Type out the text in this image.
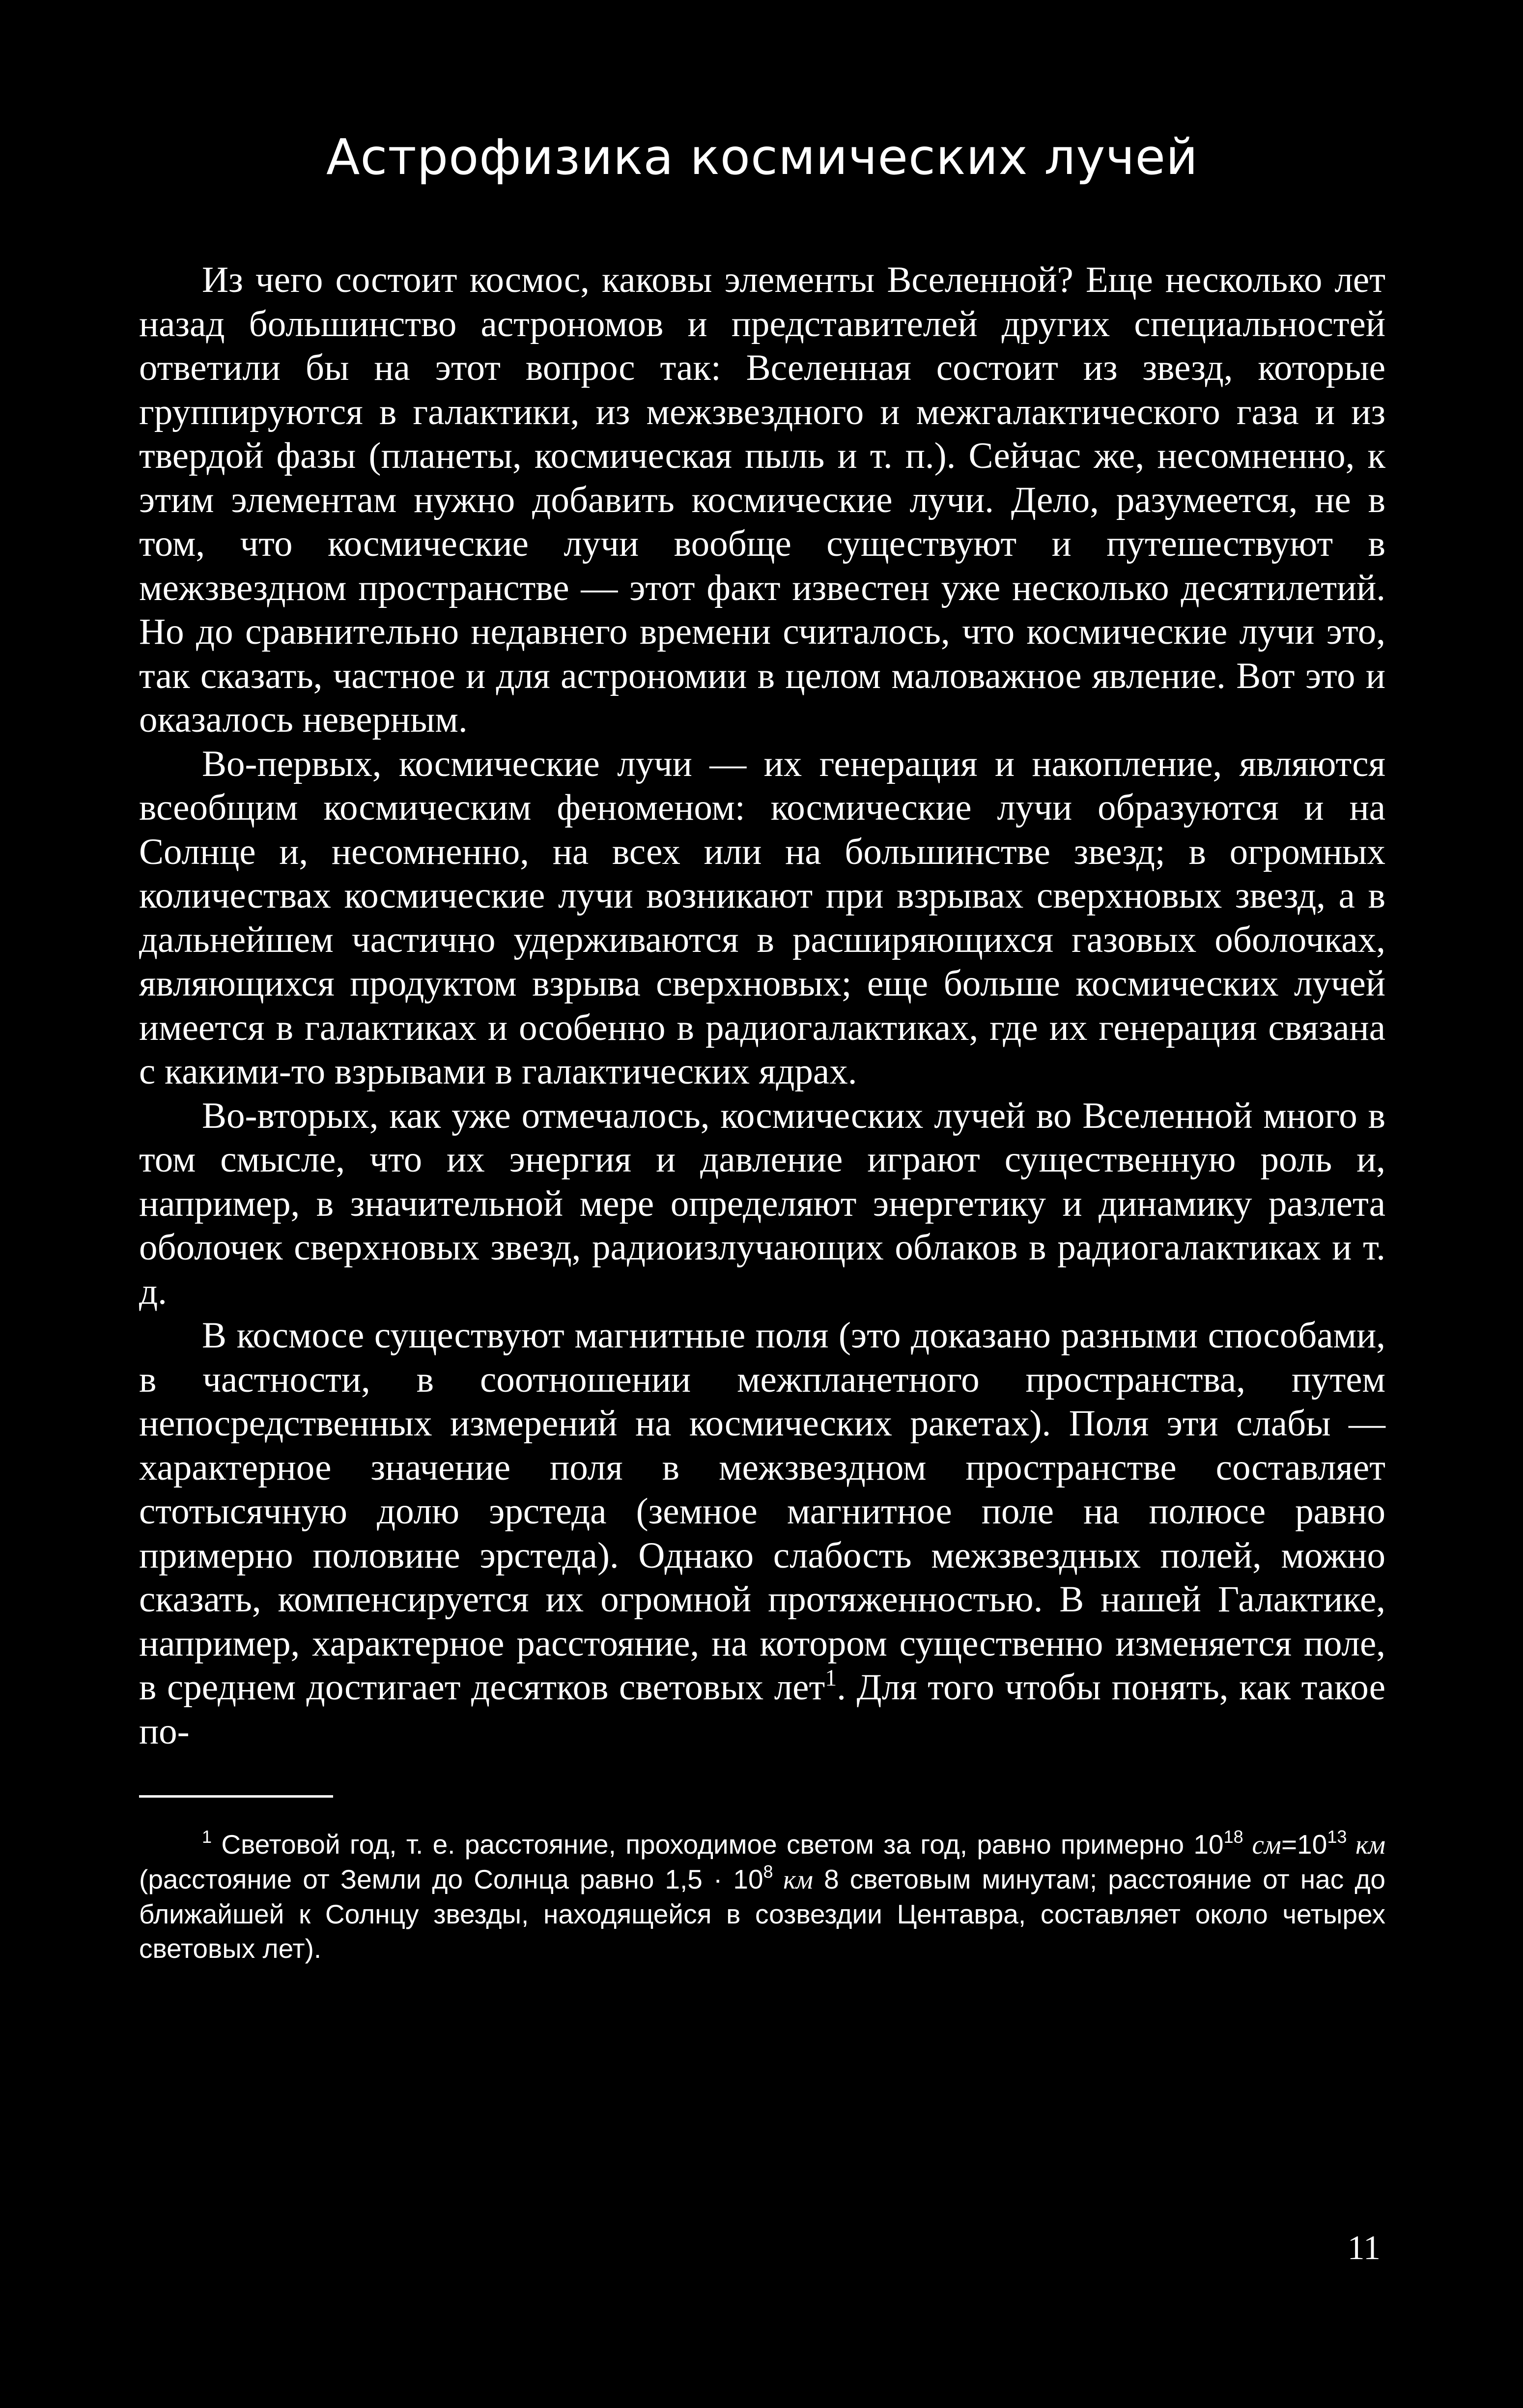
Астрофизика космических лучей

Из чего состоит космос, каковы элементы Вселенной? Еще несколько лет назад большинство астрономов и представителей других специальностей ответили бы на этот вопрос так: Вселенная состоит из звезд, которые группируются в галактики, из межзвездного и межгалактического газа и из твердой фазы (планеты, космическая пыль и т. п.). Сейчас же, несомненно, к этим элементам нужно добавить космические лучи. Дело, разумеется, не в том, что космические лучи вообще существуют и путешествуют в межзвездном пространстве — этот факт известен уже несколько десятилетий. Но до сравнительно недавнего времени считалось, что космические лучи это, так сказать, частное и для астрономии в целом маловажное явление. Вот это и оказалось неверным.

Во-первых, космические лучи — их генерация и накопление, являются всеобщим космическим феноменом: космические лучи образуются и на Солнце и, несомненно, на всех или на большинстве звезд; в огромных количествах космические лучи возникают при взрывах сверхновых звезд, а в дальнейшем частично удерживаются в расширяющихся газовых оболочках, являющихся продуктом взрыва сверхновых; еще больше космических лучей имеется в галактиках и особенно в радиогалактиках, где их генерация связана с какими-то взрывами в галактических ядрах.

Во-вторых, как уже отмечалось, космических лучей во Вселенной много в том смысле, что их энергия и давление играют существенную роль и, например, в значительной мере определяют энергетику и динамику разлета оболочек сверхновых звезд, радиоизлучающих облаков в радиогалактиках и т. д.

В космосе существуют магнитные поля (это доказано разными способами, в частности, в соотношении межпланетного пространства, путем непосредственных измерений на космических ракетах). Поля эти слабы — характерное значение поля в межзвездном пространстве составляет стотысячную долю эрстеда (земное магнитное поле на полюсе равно примерно половине эрстеда). Однако слабость межзвездных полей, можно сказать, компенсируется их огромной протяженностью. В нашей Галактике, например, характерное расстояние, на котором существенно изменяется поле, в среднем достигает десятков световых лет$^1$. Для того чтобы понять, как такое по-

$^1$ Световой год, т. е. расстояние, проходимое светом за год, равно примерно $10^{18}$ $см=10^{13}$ км (расстояние от Земли до Солнца равно $1,5 \cdot 10^8$ км 8 световым минутам; расстояние от нас до ближайшей к Солнцу звезды, находящейся в созвездии Центавра, составляет около четырех световых лет).

11
